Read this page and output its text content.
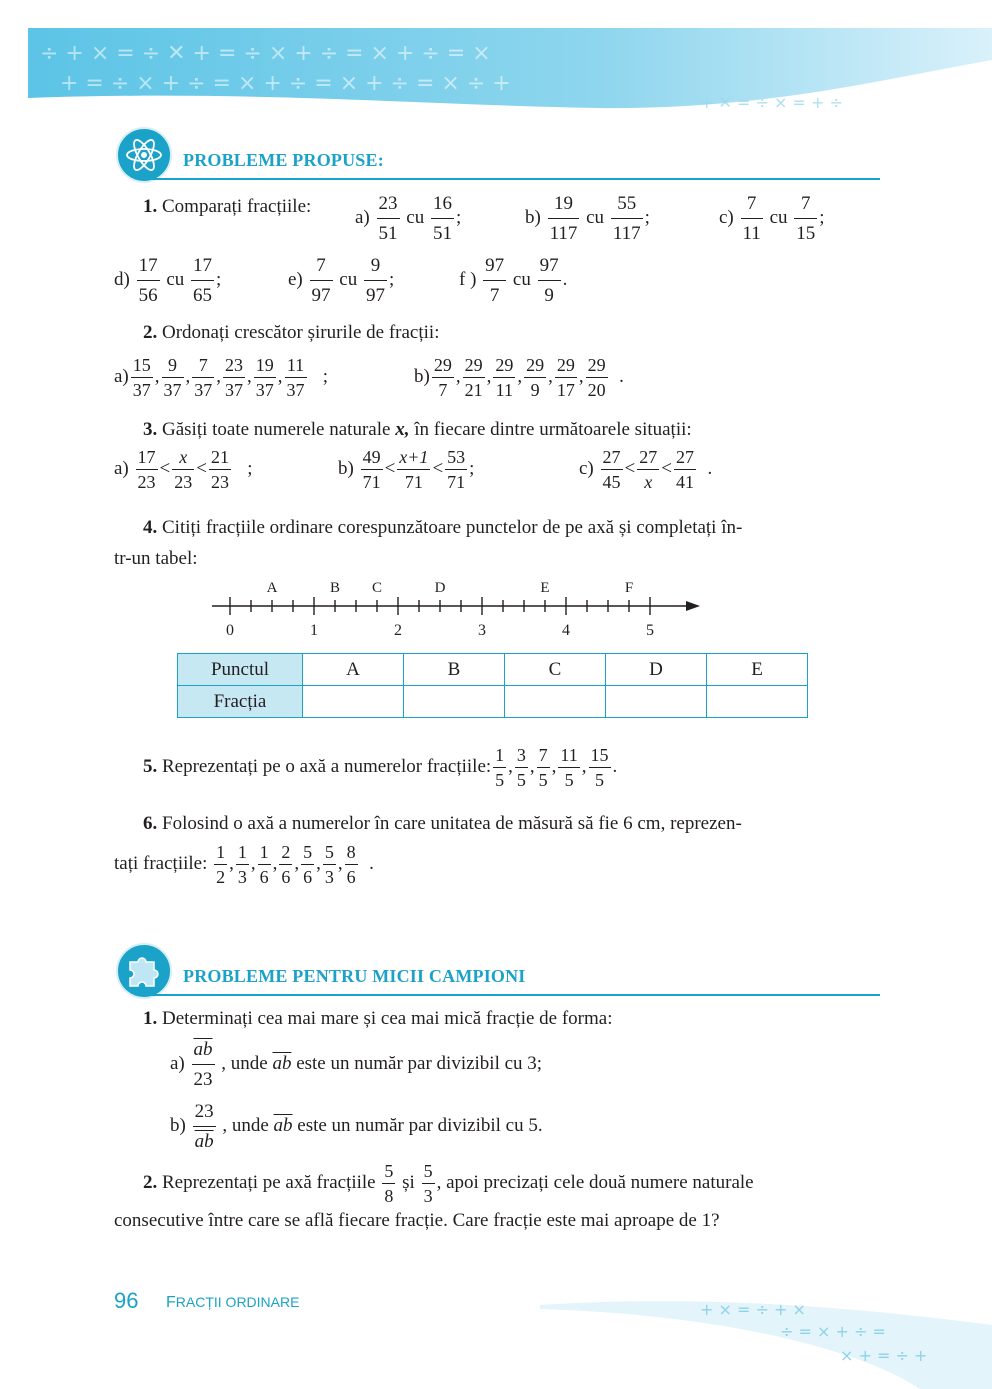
÷ + × = ÷ ✕ + = ÷ × + ÷ = × + ÷ = ×
+ = ÷ × + ÷ = × + ÷ = × + ÷ = × ÷ +
+ ✕ = ÷ × = + ÷
PROBLEME PROPUSE:
1. Comparați fracțiile:
$a) \frac{23}{51}$ cu $\frac{16}{51}$ ;	$b) \frac{19}{117}$ cu $\frac{55}{117}$ ;	$c) \frac{7}{11}$ cu $\frac{7}{15}$ ;
$d) \frac{17}{56}$ cu $\frac{17}{65}$ ;	$e) \frac{7}{97}$ cu $\frac{9}{97}$ ;	f ) $\frac{97}{7}$ cu $\frac{97}{9}$ .
2. Ordonați crescător șirurile de fracții:
$a) \frac{15}{37}$ , $\frac{9}{37}$ , $\frac{7}{37}$ , $\frac{23}{37}$ , $\frac{19}{37}$ , $\frac{11}{37}$ ;	$b) \frac{29}{7}$ , $\frac{29}{21}$ , $\frac{29}{11}$ , $\frac{29}{9}$ , $\frac{29}{17}$ , $\frac{29}{20}$ .
3. Găsiți toate numerele naturale x, în fiecare dintre următoarele situații:
$a) \frac{17}{23} < \frac{x}{23} < \frac{21}{23}$ ;	$b) \frac{49}{71} < \frac{x+1}{71} < \frac{53}{71}$ ;	$c) \frac{27}{45} < \frac{27}{x} < \frac{27}{41}$ .
4. Citiți fracțiile ordinare corespunzătoare punctelor de pe axă și completați în-
tr-un tabel:
0	1	2	3	4	5
A	B C	D	E	F
Punctul	A	B	C	D	E
Fracția					
5. Reprezentați pe o axă a numerelor fracțiile: $\frac{1}{5}$ , $\frac{3}{5}$ , $\frac{7}{5}$ , $\frac{11}{5}$ , $\frac{15}{5}$ .
6. Folosind o axă a numerelor în care unitatea de măsură să fie 6 cm, reprezen-
tați fracțiile: $\frac{1}{2}$ , $\frac{1}{3}$ , $\frac{1}{6}$ , $\frac{2}{6}$ , $\frac{5}{6}$ , $\frac{5}{3}$ , $\frac{8}{6}$ .
PROBLEME PENTRU MICII CAMPIONI
1. Determinați cea mai mare și cea mai mică fracție de forma:
$a) \frac{\overline{ab}}{23}$ , unde $\overline{ab}$ este un număr par divizibil cu 3;
$b) \frac{23}{ab}$ , unde $\overline{ab}$ este un număr par divizibil cu 5.
2. Reprezentați pe axă fracțiile $\frac{5}{8}$ și $\frac{5}{3}$ , apoi precizați cele două numere naturale
consecutive între care se află fiecare fracție. Care fracție este mai aproape de 1?
96 FRACȚII ORDINARE	+ × = ÷ + ×
÷ = × + ÷ =
× + = ÷ +
